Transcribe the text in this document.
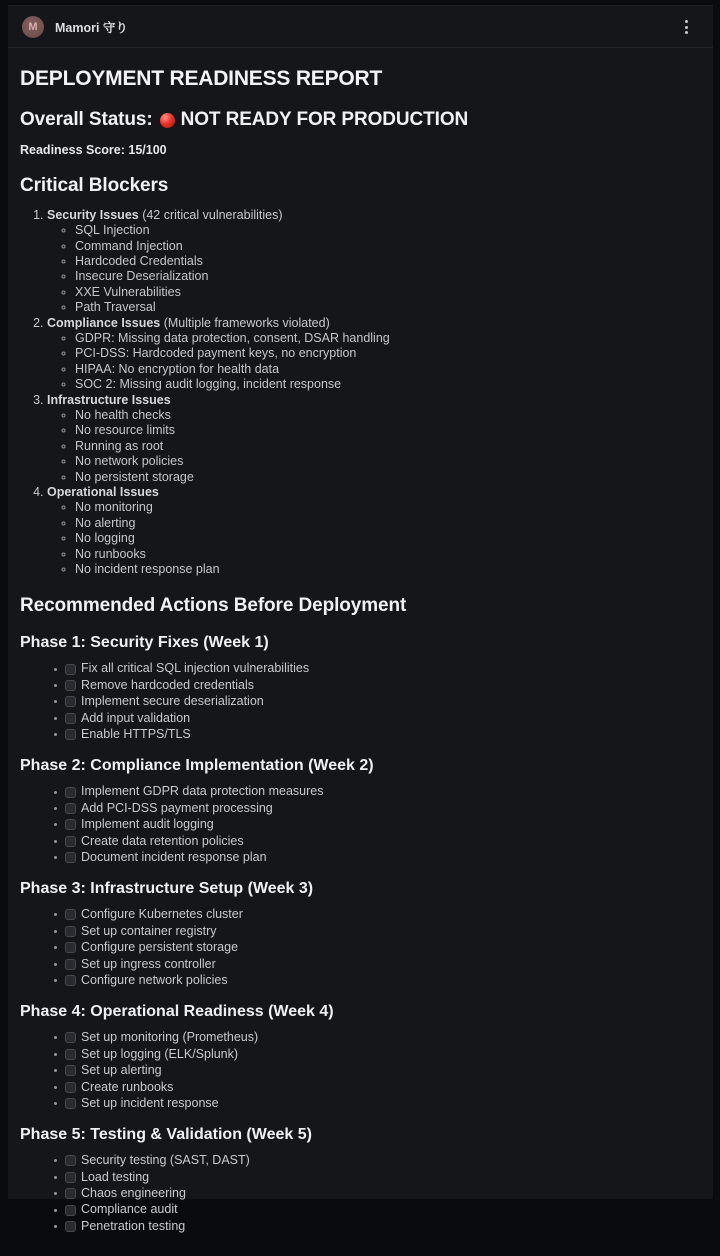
M Mamori 守り
DEPLOYMENT READINESS REPORT
Overall Status: NOT READY FOR PRODUCTION

Readiness Score: 15/100

Critical Blockers
1. Security Issues (42 critical vulnerabilities)
◦ SQL Injection
◦ Command Injection
◦ Hardcoded Credentials
◦ Insecure Deserialization
◦ XXE Vulnerabilities
◦ Path Traversal
2. Compliance Issues (Multiple frameworks violated)
◦ GDPR: Missing data protection, consent, DSAR handling
◦ PCI-DSS: Hardcoded payment keys, no encryption
◦ HIPAA: No encryption for health data
◦ SOC 2: Missing audit logging, incident response
3. Infrastructure Issues
◦ No health checks
◦ No resource limits
◦ Running as root
◦ No network policies
◦ No persistent storage
4. Operational Issues
◦ No monitoring
◦ No alerting
◦ No logging
◦ No runbooks
◦ No incident response plan
Recommended Actions Before Deployment
Phase 1: Security Fixes (Week 1)
Fix all critical SQL injection vulnerabilities
Remove hardcoded credentials
Implement secure deserialization
Add input validation
Enable HTTPS/TLS
Phase 2: Compliance Implementation (Week 2)
Implement GDPR data protection measures
Add PCI-DSS payment processing
Implement audit logging
Create data retention policies
Document incident response plan
Phase 3: Infrastructure Setup (Week 3)
Configure Kubernetes cluster
Set up container registry
Configure persistent storage
Set up ingress controller
Configure network policies
Phase 4: Operational Readiness (Week 4)
Set up monitoring (Prometheus)
Set up logging (ELK/Splunk)
Set up alerting
Create runbooks
Set up incident response
Phase 5: Testing & Validation (Week 5)
Security testing (SAST, DAST)
Load testing
Chaos engineering
Compliance audit
Penetration testing
